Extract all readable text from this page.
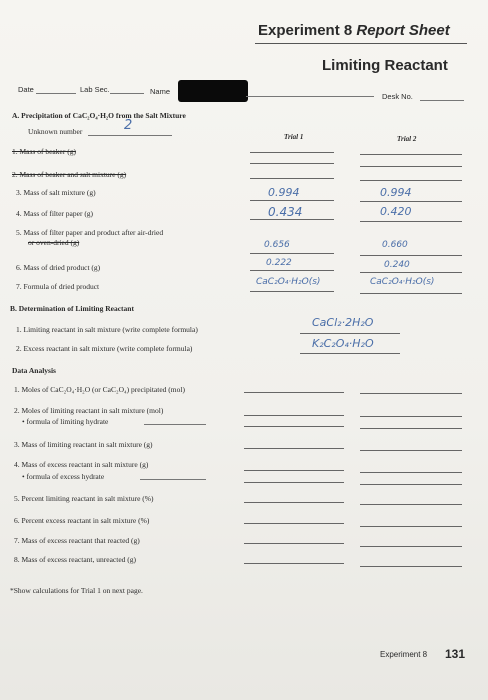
Experiment 8 Report Sheet
Limiting Reactant
Date	Lab Sec.	Name
Desk No.
A. Precipitation of CaC₂O₄·H₂O from the Salt Mixture
Unknown number	2
Trial 1	Trial 2
1. Mass of beaker (g)
2. Mass of beaker and salt mixture (g)
3. Mass of salt mixture (g)	0.994	0.994
4. Mass of filter paper (g)	0.434	0.420
5. Mass of filter paper and product after air-dried
or oven-dried (g)	0.656	0.660
6. Mass of dried product (g)	0.222	0.240
7. Formula of dried product	CaC₂O₄·H₂O(s)	CaC₂O₄·H₂O(s)
B. Determination of Limiting Reactant
1. Limiting reactant in salt mixture (write complete formula)
CaCl₂·2H₂O
2. Excess reactant in salt mixture (write complete formula)	K₂C₂O₄·H₂O
Data Analysis
1. Moles of CaC₂O₄·H₂O (or CaC₂O₄) precipitated (mol)
2. Moles of limiting reactant in salt mixture (mol)
• formula of limiting hydrate
3. Mass of limiting reactant in salt mixture (g)
4. Mass of excess reactant in salt mixture (g)
• formula of excess hydrate
5. Percent limiting reactant in salt mixture (%)
6. Percent excess reactant in salt mixture (%)
7. Mass of excess reactant that reacted (g)
8. Mass of excess reactant, unreacted (g)
*Show calculations for Trial 1 on next page.
Experiment 8 131
